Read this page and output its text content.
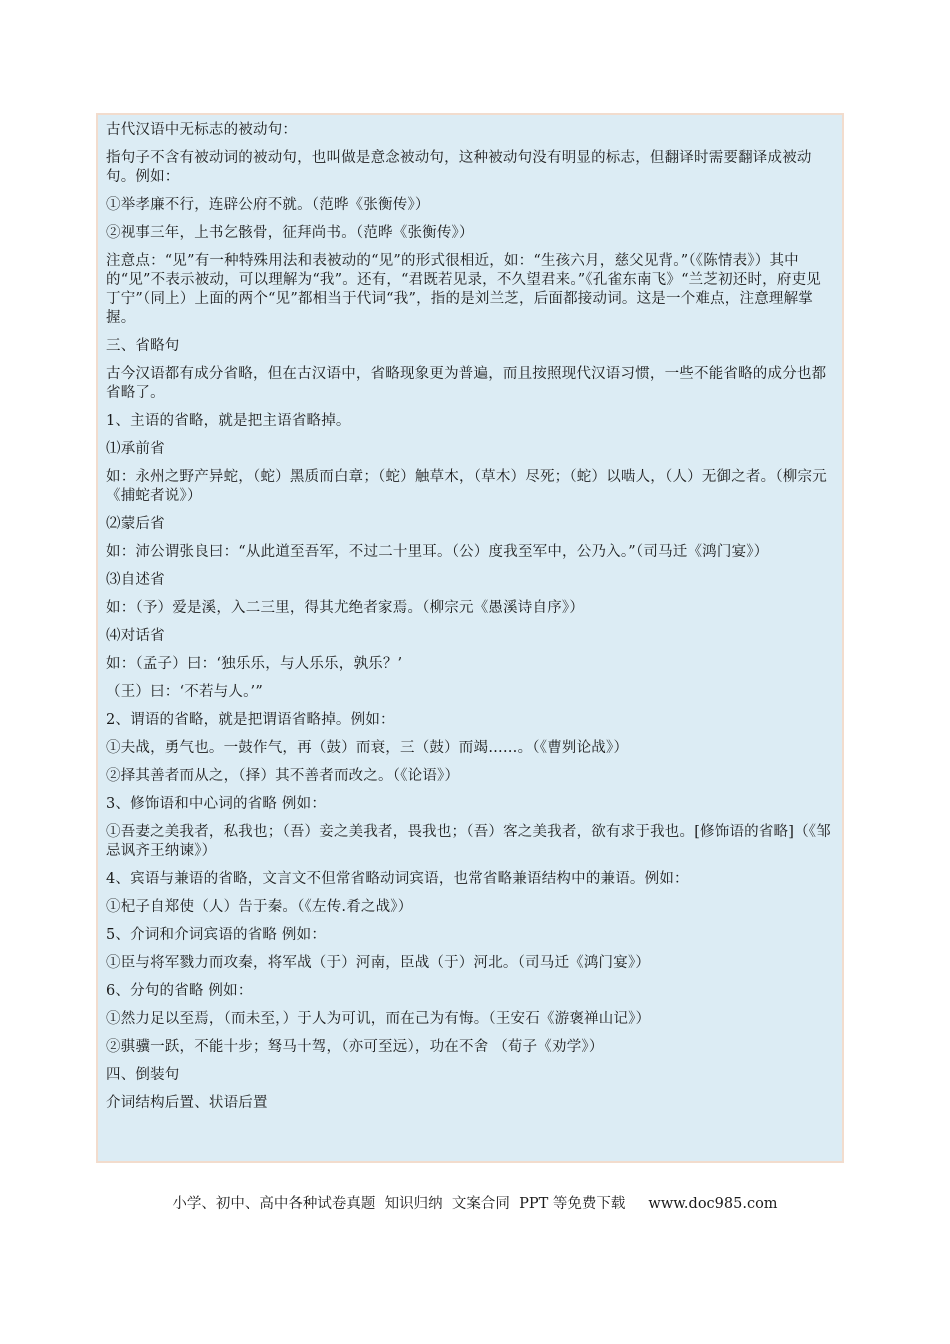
古代汉语中无标志的被动句：

指句子不含有被动词的被动句，也叫做是意念被动句，这种被动句没有明显的标志，但翻译时需要翻译成被动句。例如：

①举孝廉不行，连辟公府不就。（范晔《张衡传》）

②视事三年，上书乞骸骨，征拜尚书。（范晔《张衡传》）

注意点：“见”有一种特殊用法和表被动的“见”的形式很相近，如：“生孩六月，慈父见背。”（《陈情表》）其中的“见”不表示被动，可以理解为“我”。还有，“君既若见录，不久望君来。”《孔雀东南飞》“兰芝初还时，府吏见丁宁”（同上）上面的两个“见”都相当于代词“我”，指的是刘兰芝，后面都接动词。这是一个难点，注意理解掌握。

三、省略句

古今汉语都有成分省略，但在古汉语中，省略现象更为普遍，而且按照现代汉语习惯，一些不能省略的成分也都省略了。

1、主语的省略，就是把主语省略掉。

⑴承前省

如：永州之野产异蛇，（蛇）黑质而白章；（蛇）触草木，（草木）尽死；（蛇）以啮人，（人）无御之者。（柳宗元《捕蛇者说》）

⑵蒙后省

如：沛公谓张良曰：“从此道至吾军，不过二十里耳。（公）度我至军中，公乃入。”（司马迁《鸿门宴》）

⑶自述省

如：（予）爱是溪，入二三里，得其尤绝者家焉。（柳宗元《愚溪诗自序》）

⑷对话省

如：（孟子）曰：‘独乐乐，与人乐乐，孰乐？’

（王）曰：‘不若与人。’”

2、谓语的省略，就是把谓语省略掉。例如：

①夫战，勇气也。一鼓作气，再（鼓）而衰，三（鼓）而竭……。（《曹刿论战》）

②择其善者而从之，（择）其不善者而改之。（《论语》）

3、修饰语和中心词的省略 例如：

①吾妻之美我者，私我也；（吾）妾之美我者，畏我也；（吾）客之美我者，欲有求于我也。[修饰语的省略]（《邹忌讽齐王纳谏》）

4、宾语与兼语的省略，文言文不但常省略动词宾语，也常省略兼语结构中的兼语。例如：

①杞子自郑使（人）告于秦。（《左传.肴之战》）

5、介词和介词宾语的省略 例如：

①臣与将军戮力而攻秦，将军战（于）河南，臣战（于）河北。（司马迁《鸿门宴》）

6、分句的省略 例如：

①然力足以至焉，（而未至，）于人为可讥，而在己为有悔。（王安石《游褒禅山记》）

②骐骥一跃，不能十步；驽马十驾，（亦可至远），功在不舍 （荀子《劝学》）

四、倒装句

介词结构后置、状语后置

小学、初中、高中各种试卷真题  知识归纳  文案合同  PPT 等免费下载     www.doc985.com
